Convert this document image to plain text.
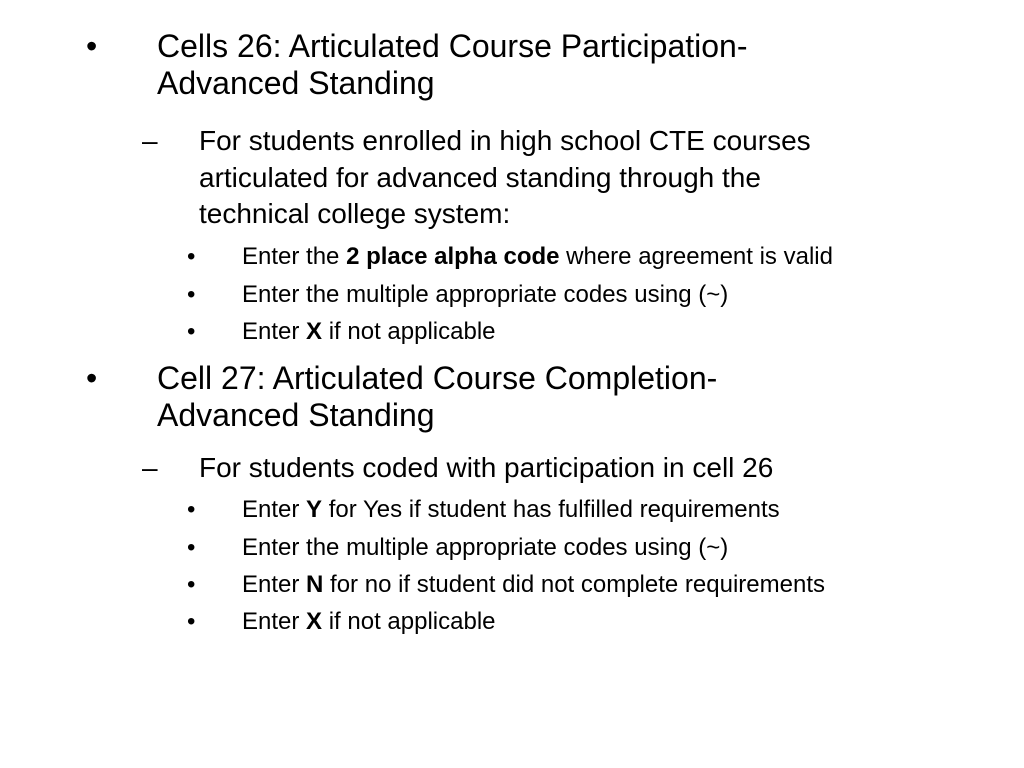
• Cells 26: Articulated Course Participation-
Advanced Standing
– For students enrolled in high school CTE courses
articulated for advanced standing through the
technical college system:
• Enter the 2 place alpha code where agreement is valid
• Enter the multiple appropriate codes using (~)
• Enter X if not applicable
• Cell 27: Articulated Course Completion-
Advanced Standing
– For students coded with participation in cell 26
• Enter Y for Yes if student has fulfilled requirements
• Enter the multiple appropriate codes using (~)
• Enter N for no if student did not complete requirements
• Enter X if not applicable
